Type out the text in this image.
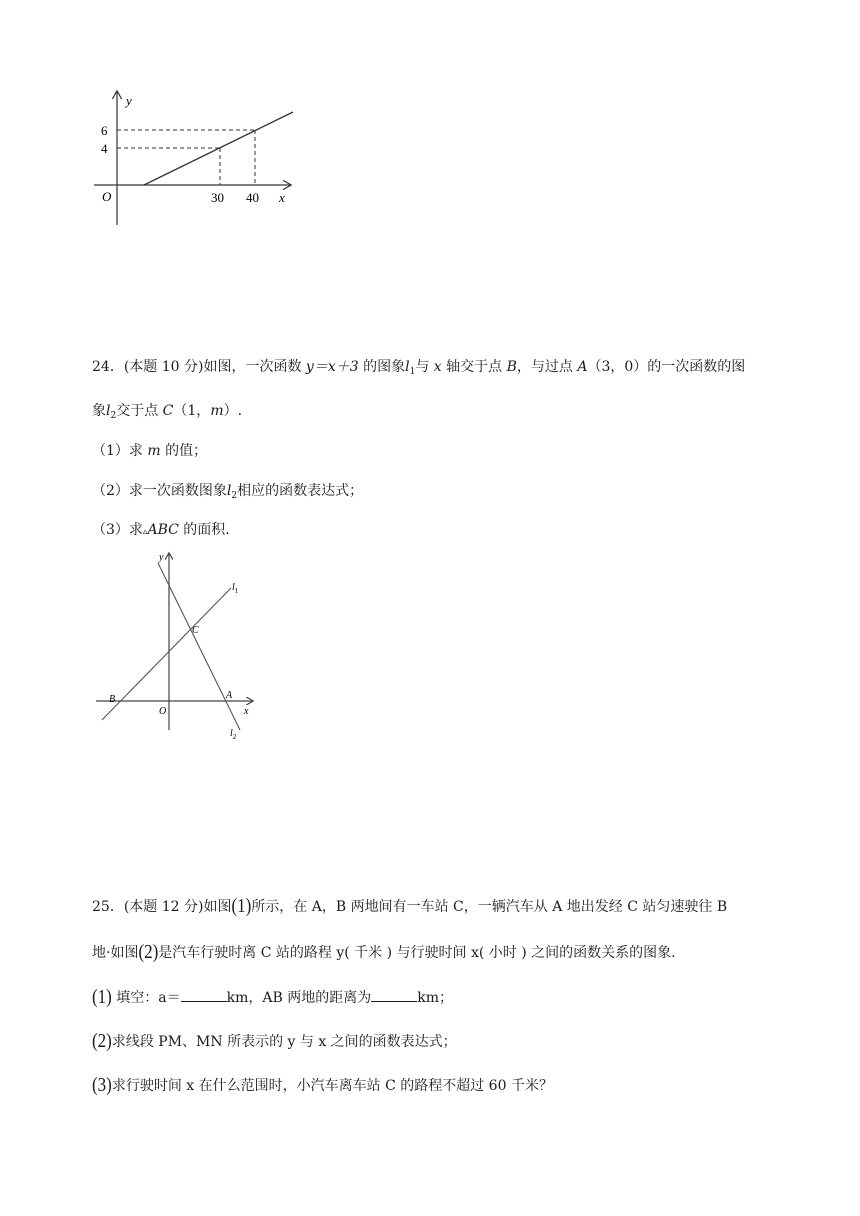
y
x
O
6
4
30 40
24．(本题 10 分)如图，一次函数 y＝x＋3 的图象$l_1$与 x 轴交于点 B，与过点 A（3，0）的一次函数的图
象$l_2$交于点 C（1，m）.
（1）求 m 的值；
（2）求一次函数图象$l_2$相应的函数表达式；
（3）求▵ABC 的面积.
y
x
O
A
B
C
$l_1$
$l_2$
25．(本题 12 分)如图(1)所示，在 A，B 两地间有一车站 C，一辆汽车从 A 地出发经 C 站匀速驶往 B
地·如图(2)是汽车行驶时离 C 站的路程 y( 千米 ) 与行驶时间 x( 小时 ) 之间的函数关系的图象.
(1) 填空：a＝	km，AB 两地的距离为	km；
(2)求线段 PM、MN 所表示的 y 与 x 之间的函数表达式；
(3)求行驶时间 x 在什么范围时，小汽车离车站 C 的路程不超过 60 千米？
